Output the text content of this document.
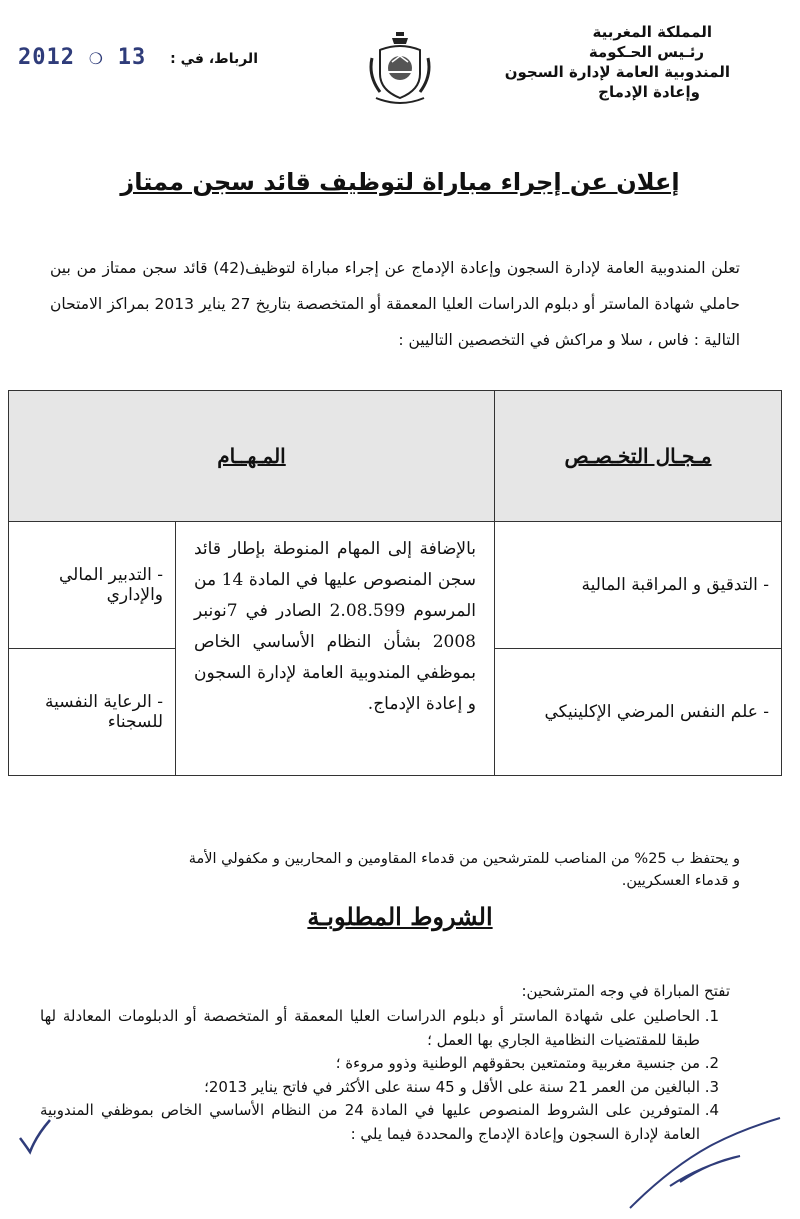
المملكة المغربية
رئـيس الحـكومة
المندوبية العامة لإدارة السجون
وإعادة الإدماج
الرباط، في :
2012 ❍ 13
إعلان عن إجراء مباراة لتوظيف قائد سجن ممتاز
تعلن المندوبية العامة لإدارة السجون وإعادة الإدماج عن إجراء مباراة لتوظيف(42) قائد سجن ممتاز من بين حاملي شهادة الماستر أو دبلوم الدراسات العليا المعمقة أو المتخصصة بتاريخ 27 يناير 2013 بمراكز الامتحان التالية : فاس ، سلا و مراكش في التخصصين التاليين :
مـجـال التخـصـص	المـهــام	
- التدقيق و المراقبة المالية	بالإضافة إلى المهام المنوطة بإطار قائد سجن المنصوص عليها في المادة 14 من المرسوم 2.08.599 الصادر في 7نونبر 2008 بشأن النظام الأساسي الخاص بموظفي المندوبية العامة لإدارة السجون و إعادة الإدماج.	- التدبير المالي والإداري
- علم النفس المرضي الإكلينيكي		- الرعاية النفسية للسجناء
و يحتفظ ب 25% من المناصب للمترشحين من قدماء المقاومين و المحاربين و مكفولي الأمة
و قدماء العسكريين.
الشروط المطلوبـة
تفتح المباراة في وجه المترشحين:
1. الحاصلين على شهادة الماستر أو دبلوم الدراسات العليا المعمقة أو المتخصصة أو الدبلومات المعادلة لها طبقا للمقتضيات النظامية الجاري بها العمل ؛
2. من جنسية مغربية ومتمتعين بحقوقهم الوطنية وذوو مروءة ؛
3. البالغين من العمر 21 سنة على الأقل و 45 سنة على الأكثر في فاتح يناير 2013؛
4. المتوفرين على الشروط المنصوص عليها في المادة 24 من النظام الأساسي الخاص بموظفي المندوبية العامة لإدارة السجون وإعادة الإدماج والمحددة فيما يلي :
